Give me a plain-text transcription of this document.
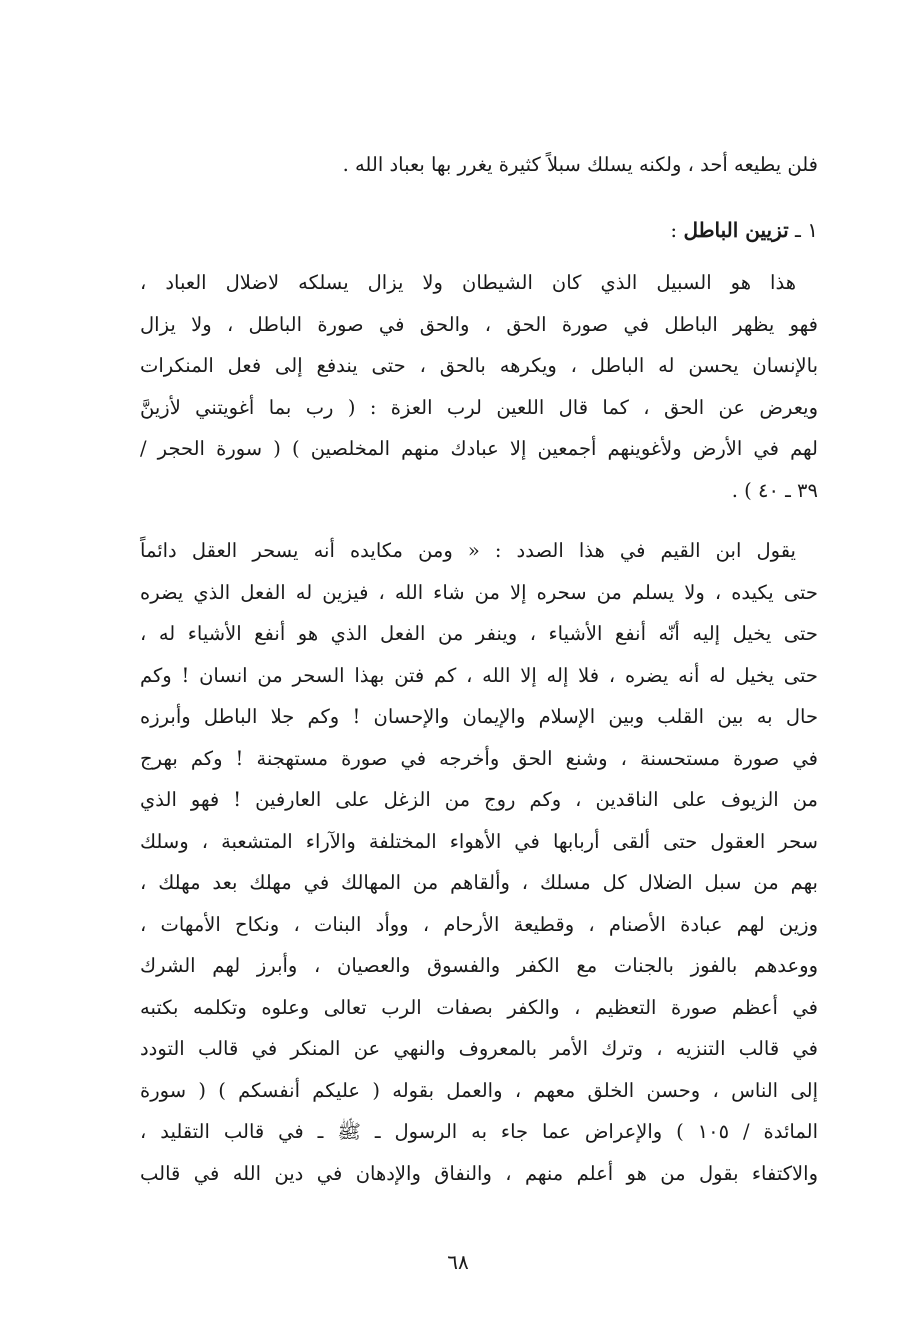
فلن يطيعه أحد ، ولكنه يسلك سبلاً كثيرة يغرر بها بعباد الله .
١ ـ تزيين الباطل :
هذا هو السبيل الذي كان الشيطان ولا يزال يسلكه لاضلال العباد ،
فهو يظهر الباطل في صورة الحق ، والحق في صورة الباطل ، ولا يزال
بالإنسان يحسن له الباطل ، ويكرهه بالحق ، حتى يندفع إلى فعل المنكرات
ويعرض عن الحق ، كما قال اللعين لرب العزة : ( رب بما أغويتني لأزينَّ
لهم في الأرض ولأغوينهم أجمعين إلا عبادك منهم المخلصين ) ( سورة الحجر /
٣٩ ـ ٤٠ ) .
يقول ابن القيم في هذا الصدد : « ومن مكايده أنه يسحر العقل دائماً
حتى يكيده ، ولا يسلم من سحره إلا من شاء الله ، فيزين له الفعل الذي يضره
حتى يخيل إليه أنّه أنفع الأشياء ، وينفر من الفعل الذي هو أنفع الأشياء له ،
حتى يخيل له أنه يضره ، فلا إله إلا الله ، كم فتن بهذا السحر من انسان ! وكم
حال به بين القلب وبين الإسلام والإيمان والإحسان ! وكم جلا الباطل وأبرزه
في صورة مستحسنة ، وشنع الحق وأخرجه في صورة مستهجنة ! وكم بهرج
من الزيوف على الناقدين ، وكم روج من الزغل على العارفين ! فهو الذي
سحر العقول حتى ألقى أربابها في الأهواء المختلفة والآراء المتشعبة ، وسلك
بهم من سبل الضلال كل مسلك ، وألقاهم من المهالك في مهلك بعد مهلك ،
وزين لهم عبادة الأصنام ، وقطيعة الأرحام ، ووأد البنات ، ونكاح الأمهات ،
ووعدهم بالفوز بالجنات مع الكفر والفسوق والعصيان ، وأبرز لهم الشرك
في أعظم صورة التعظيم ، والكفر بصفات الرب تعالى وعلوه وتكلمه بكتبه
في قالب التنزيه ، وترك الأمر بالمعروف والنهي عن المنكر في قالب التودد
إلى الناس ، وحسن الخلق معهم ، والعمل بقوله ( عليكم أنفسكم ) ( سورة
المائدة / ١٠٥ ) والإعراض عما جاء به الرسول ـ ﷺ ـ في قالب التقليد ،
والاكتفاء بقول من هو أعلم منهم ، والنفاق والإدهان في دين الله في قالب
٦٨
